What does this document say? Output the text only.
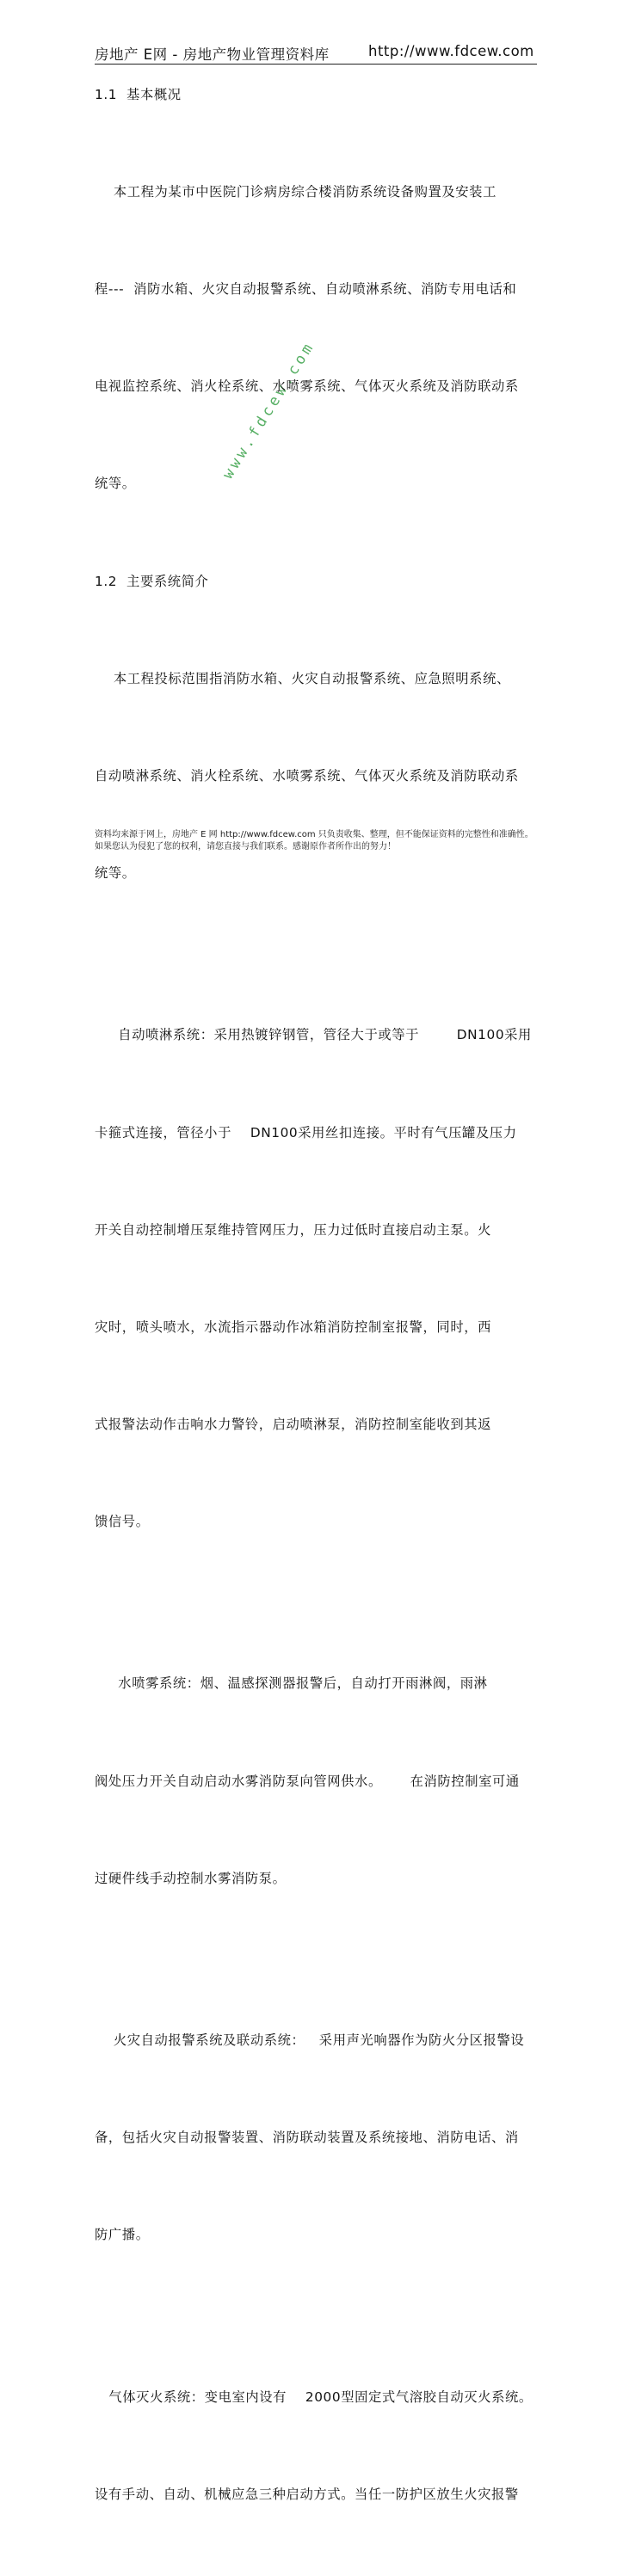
房地产 E网 - 房地产物业管理资料库	http://www.fdcew.com
www.fdcew.com

1.1  基本概况

本工程为某市中医院门诊病房综合楼消防系统设备购置及安装工

程---  消防水箱、火灾自动报警系统、自动喷淋系统、消防专用电话和

电视监控系统、消火栓系统、水喷雾系统、气体灭火系统及消防联动系

统等。

1.2  主要系统简介

本工程投标范围指消防水箱、火灾自动报警系统、应急照明系统、

自动喷淋系统、消火栓系统、水喷雾系统、气体灭火系统及消防联动系

统等。

自动喷淋系统：采用热镀锌钢管，管径大于或等于        DN100采用

卡箍式连接，管径小于    DN100采用丝扣连接。平时有气压罐及压力

开关自动控制增压泵维持管网压力，压力过低时直接启动主泵。火

灾时，喷头喷水，水流指示器动作冰箱消防控制室报警，同时，西

式报警法动作击响水力警铃，启动喷淋泵，消防控制室能收到其返

馈信号。

水喷雾系统：烟、温感探测器报警后，自动打开雨淋阀，雨淋

阀处压力开关自动启动水雾消防泵向管网供水。      在消防控制室可通

过硬件线手动控制水雾消防泵。

火灾自动报警系统及联动系统：   采用声光响器作为防火分区报警设

备，包括火灾自动报警装置、消防联动装置及系统接地、消防电话、消

防广播。

气体灭火系统：变电室内设有    2000型固定式气溶胶自动灭火系统。

设有手动、自动、机械应急三种启动方式。当任一防护区放生火灾报警

资料均来源于网上，房地产 E 网 http://www.fdcew.com 只负责收集、整理，但不能保证资料的完整性和准确性。
如果您认为侵犯了您的权利，请您直接与我们联系。感谢原作者所作出的努力！
